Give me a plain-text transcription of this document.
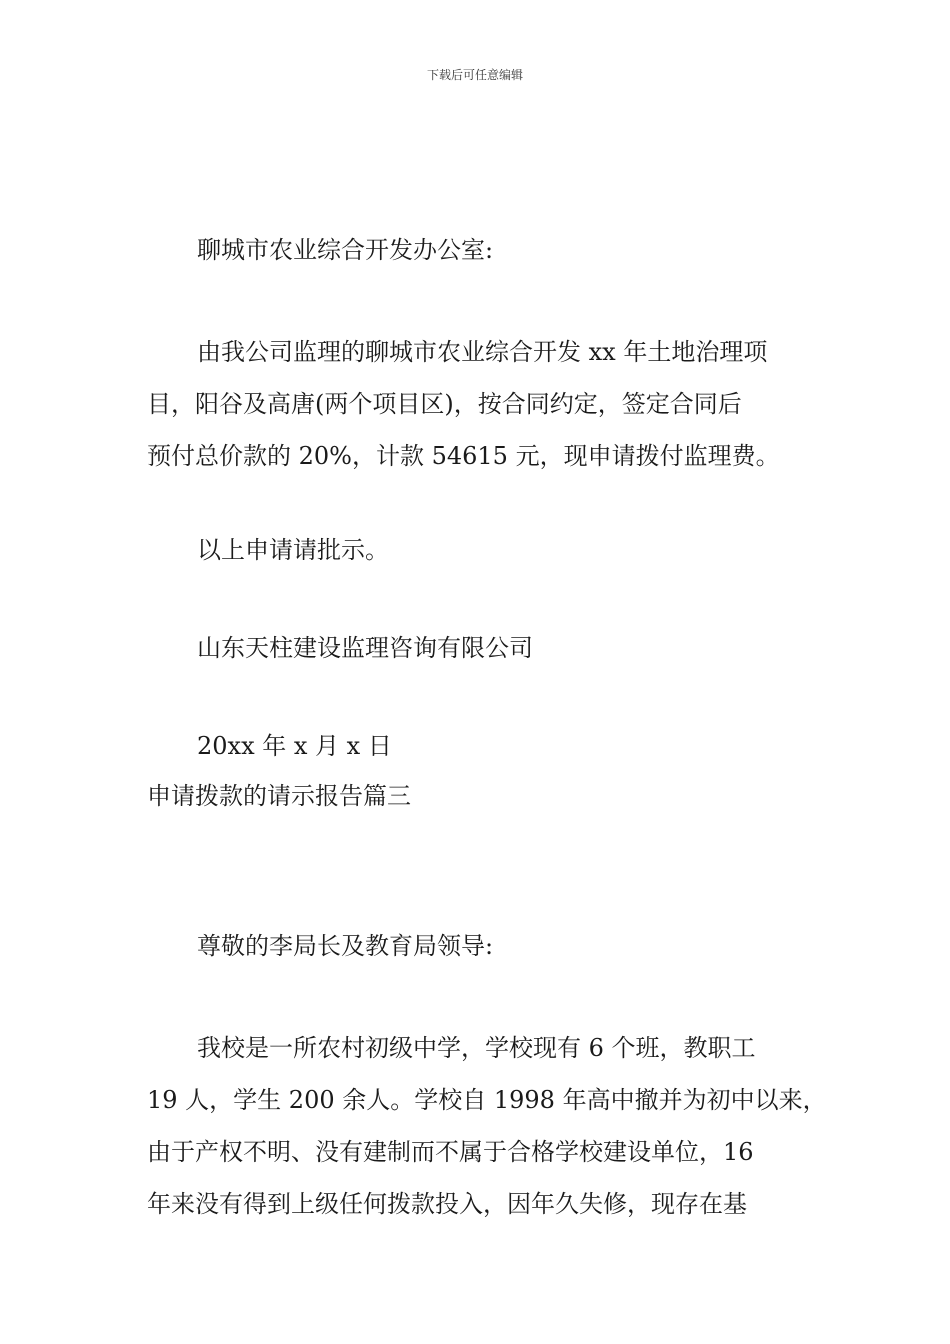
下载后可任意编辑

聊城市农业综合开发办公室:

由我公司监理的聊城市农业综合开发 xx 年土地治理项
目，阳谷及高唐(两个项目区)，按合同约定，签定合同后
预付总价款的 20%，计款 54615 元，现申请拨付监理费。

以上申请请批示。

山东天柱建设监理咨询有限公司

20xx 年 x 月 x 日

申请拨款的请示报告篇三

尊敬的李局长及教育局领导:

我校是一所农村初级中学，学校现有 6 个班，教职工
19 人，学生 200 余人。学校自 1998 年高中撤并为初中以来，
由于产权不明、没有建制而不属于合格学校建设单位，16
年来没有得到上级任何拨款投入，因年久失修，现存在基
